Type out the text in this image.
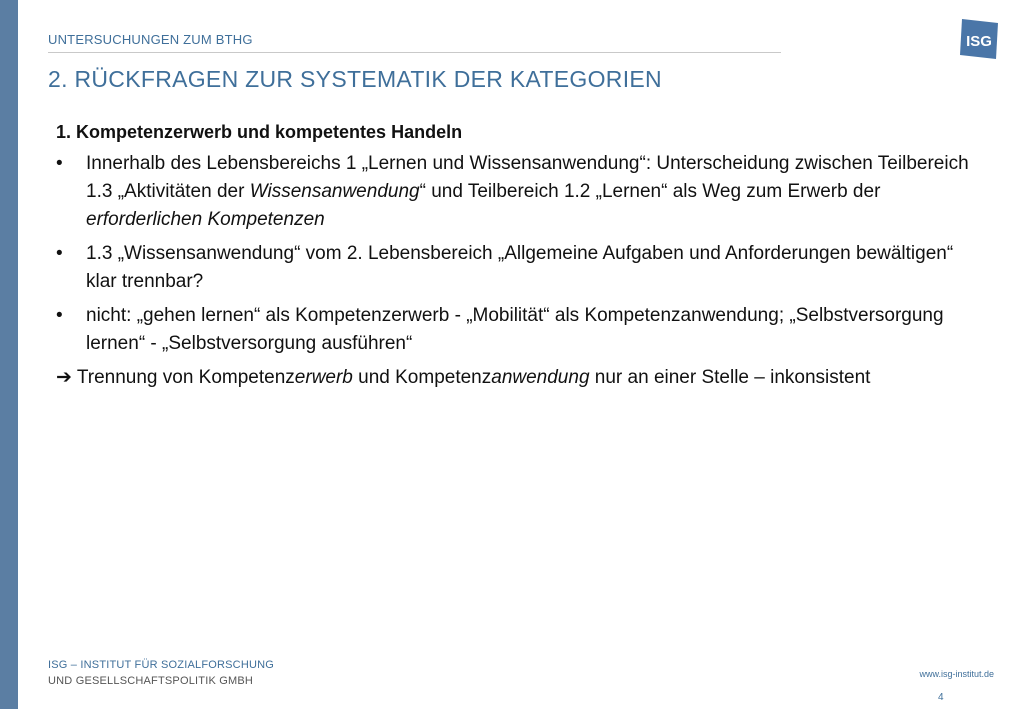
UNTERSUCHUNGEN ZUM BTHG
2. RÜCKFRAGEN ZUR SYSTEMATIK DER KATEGORIEN
ISG
1. Kompetenzerwerb und kompetentes Handeln
• Innerhalb des Lebensbereichs 1 „Lernen und Wissensanwendung“: Unterscheidung zwischen Teilbereich 1.3 „Aktivitäten der Wissensanwendung“ und Teilbereich 1.2 „Lernen“ als Weg zum Erwerb der erforderlichen Kompetenzen
• 1.3 „Wissensanwendung“ vom 2. Lebensbereich „Allgemeine Aufgaben und Anforderungen bewältigen“ klar trennbar?
• nicht: „gehen lernen“ als Kompetenzerwerb - „Mobilität“ als Kompetenzanwendung; „Selbstversorgung lernen“ - „Selbstversorgung ausführen“
➔ Trennung von Kompetenzerwerb und Kompetenzanwendung nur an einer Stelle – inkonsistent
ISG – INSTITUT FÜR SOZIALFORSCHUNG
UND GESELLSCHAFTSPOLITIK GMBH
www.isg-institut.de
4
